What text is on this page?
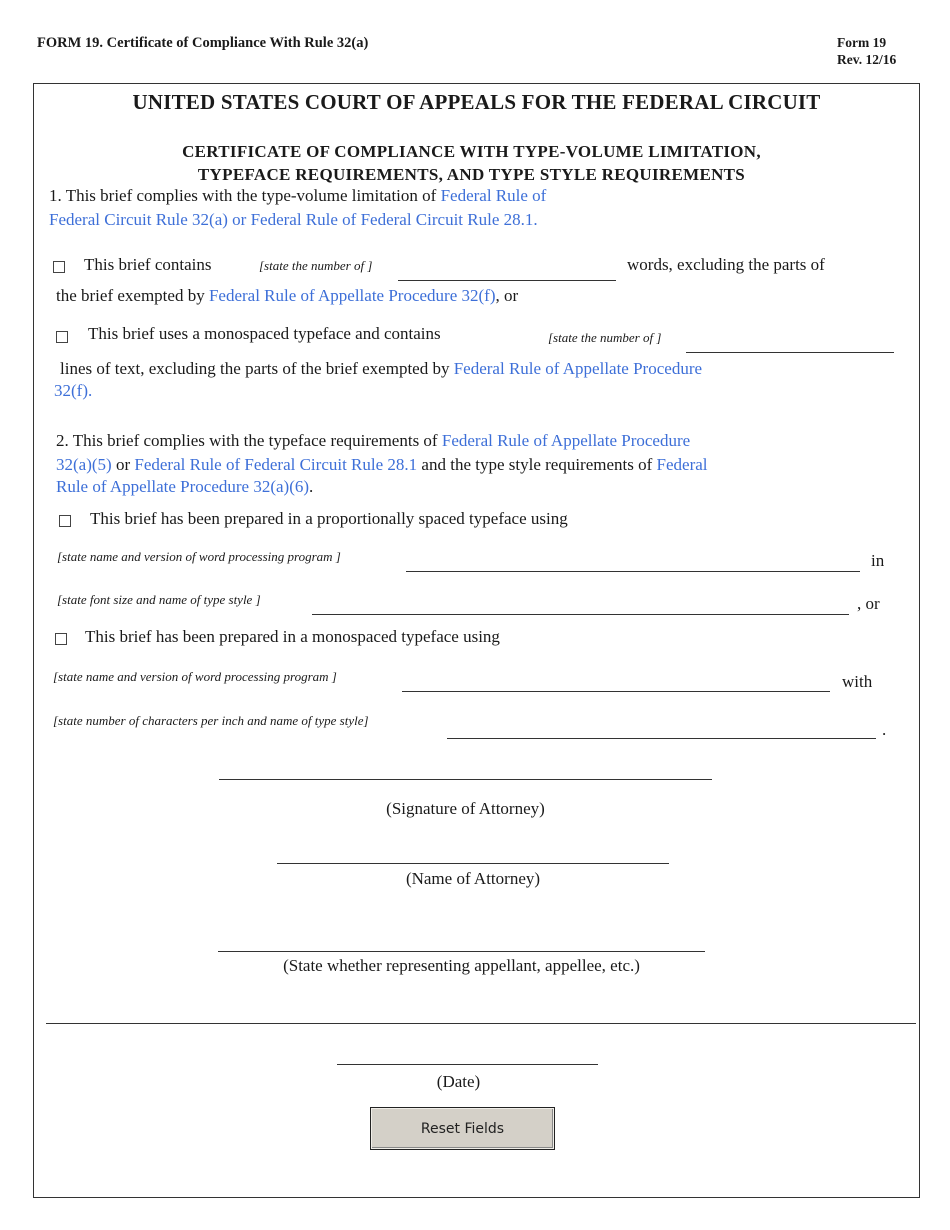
FORM 19. Certificate of Compliance With Rule 32(a)	Form 19
Rev. 12/16
UNITED STATES COURT OF APPEALS FOR THE FEDERAL CIRCUIT
CERTIFICATE OF COMPLIANCE WITH TYPE-VOLUME LIMITATION,
TYPEFACE REQUIREMENTS, AND TYPE STYLE REQUIREMENTS
1. This brief complies with the type-volume limitation of Federal Rule of
Federal Circuit Rule 32(a) or Federal Rule of Federal Circuit Rule 28.1.
This brief contains	[state the number of ]	words, excluding the parts of
the brief exempted by Federal Rule of Appellate Procedure 32(f), or
This brief uses a monospaced typeface and contains	[state the number of ]
lines of text, excluding the parts of the brief exempted by Federal Rule of Appellate Procedure
32(f).
2. This brief complies with the typeface requirements of Federal Rule of Appellate Procedure
32(a)(5) or Federal Rule of Federal Circuit Rule 28.1 and the type style requirements of Federal
Rule of Appellate Procedure 32(a)(6).
This brief has been prepared in a proportionally spaced typeface using
[state name and version of word processing program ]	in
[state font size and name of type style ]	, or
This brief has been prepared in a monospaced typeface using
[state name and version of word processing program ]	with
[state number of characters per inch and name of type style]	.
(Signature of Attorney)
(Name of Attorney)
(State whether representing appellant, appellee, etc.)
(Date)
Reset Fields
